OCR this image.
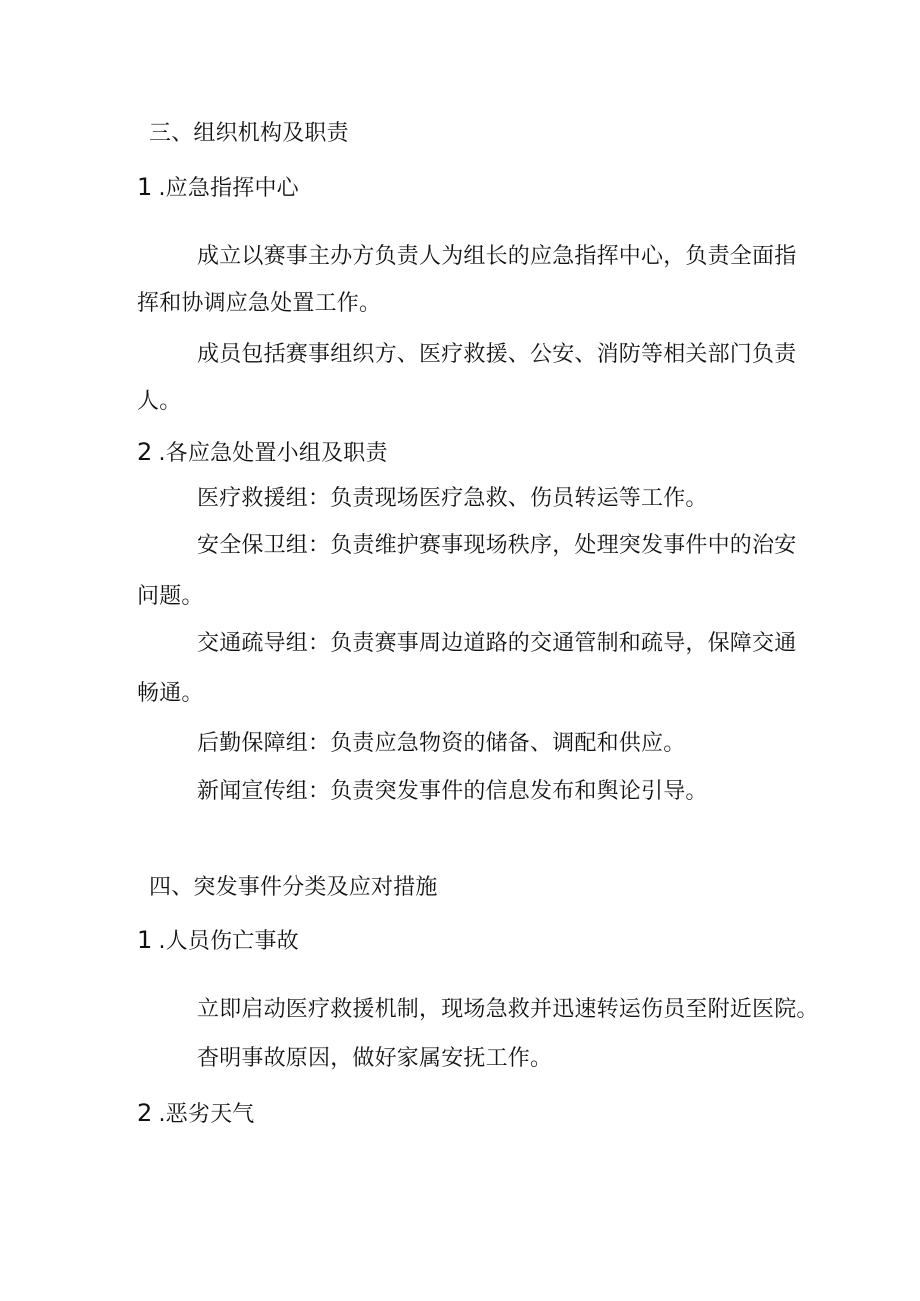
三、组织机构及职责
1 .应急指挥中心
成立以赛事主办方负责人为组长的应急指挥中心，负责全面指
挥和协调应急处置工作。
成员包括赛事组织方、医疗救援、公安、消防等相关部门负责
人。
2 .各应急处置小组及职责
医疗救援组：负责现场医疗急救、伤员转运等工作。
安全保卫组：负责维护赛事现场秩序，处理突发事件中的治安
问题。
交通疏导组：负责赛事周边道路的交通管制和疏导，保障交通
畅通。
后勤保障组：负责应急物资的储备、调配和供应。
新闻宣传组：负责突发事件的信息发布和舆论引导。
四、突发事件分类及应对措施
1 .人员伤亡事故
立即启动医疗救援机制，现场急救并迅速转运伤员至附近医院。
杳明事故原因，做好家属安抚工作。
2 .恶劣天气
